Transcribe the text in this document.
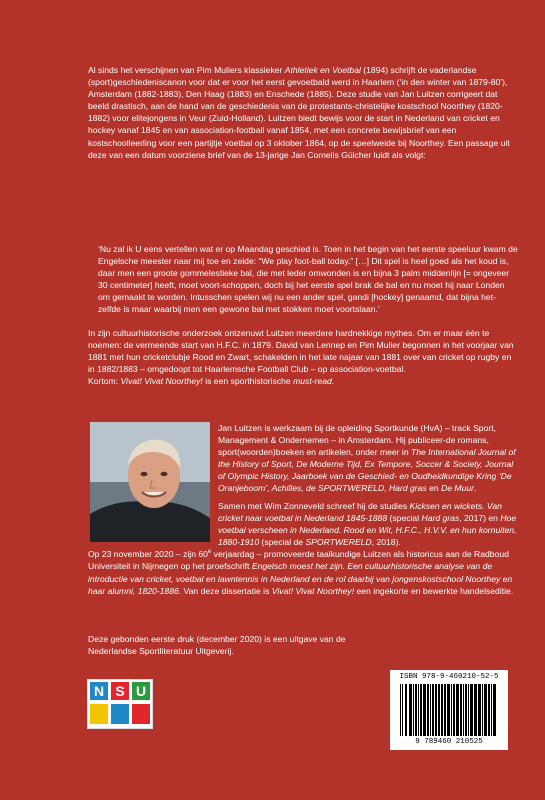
Al sinds het verschijnen van Pim Muliers klassieker Athletiek en Voetbal (1894) schrijft de vaderlandse (sport)geschiedeniscanon voor dat er voor het eerst gevoetbald werd in Haarlem (‘in den winter van 1879-80’), Amsterdam (1882-1883), Den Haag (1883) en Enschede (1885). Deze studie van Jan Luitzen corrigeert dat beeld drastisch, aan de hand van de geschiedenis van de protestants-christelijke kostschool Noorthey (1820-1882) voor elitejongens in Veur (Zuid-Holland). Luitzen biedt bewijs voor de start in Nederland van cricket en hockey vanaf 1845 en van association-football vanaf 1854, met een concrete bewijsbrief van een kostschoolleerling voor een partijtje voetbal op 3 oktober 1864, op de speelweide bij Noorthey. Een passage uit deze van een datum voorziene brief van de 13-jarige Jan Cornelis Gülcher luidt als volgt:

‘Nu zal ik U eens vertellen wat er op Maandag geschied is. Toen in het begin van het eerste speeluur kwam de Engelsche meester naar mij toe en zeide: “We play foot-ball today.” […] Dit spel is heel goed als het koud is, daar men een groote gommelestieke bal, die met leder omwonden is en bijna 3 palm middenlijn [= ongeveer 30 centimeter] heeft, moet voort-schoppen, doch bij het eerste spel brak de bal en nu moet hij naar Londen om gemaakt te worden. Intusschen spelen wij nu een ander spel, gandi [hockey] genaamd, dat bijna het-zelfde is maar waarbij men een gewone bal met stokken moet voortslaan.’

In zijn cultuurhistorische onderzoek ontzenuwt Luitzen meerdere hardnekkige mythes. Om er maar één te noemen: de vermeende start van H.F.C. in 1879. David van Lennep en Pim Mulier begonnen in het voorjaar van 1881 met hun cricketclubje Rood en Zwart, schakelden in het late najaar van 1881 over van cricket op rugby en in 1882/1883 – omgedoopt tot Haarlemsche Football Club – op association-voetbal.
Kortom: Vivat! Vivat Noorthey! is een sporthistorische must-read.

Jan Luitzen is werkzaam bij de opleiding Sportkunde (HvA) – track Sport, Management & Ondernemen – in Amsterdam. Hij publiceer-de romans, sport(woorden)boeken en artikelen, onder meer in The International Journal of the History of Sport, De Moderne Tijd, Ex Tempore, Soccer & Society, Journal of Olympic History, Jaarboek van de Geschied- en Oudheidkundige Kring ‘De Oranjeboom’, Achilles, de SPORTWERELD, Hard gras en De Muur.

Samen met Wim Zonneveld schreef hij de studies Kicksen en wickets. Van cricket naar voetbal in Nederland 1845-1888 (special Hard gras, 2017) en Hoe voetbal verscheen in Nederland. Rood en Wit, H.F.C., H.V.V. en hun kornuiten, 1880-1910 (special de SPORTWERELD, 2018).
Op 23 november 2020 – zijn 60e verjaardag – promoveerde taalkundige Luitzen als historicus aan de Radboud Universiteit in Nijmegen op het proefschrift Engelsch moest het zijn. Een cultuurhistorische analyse van de introductie van cricket, voetbal en lawntennis in Nederland en de rol daarbij van jongenskostschool Noorthey en haar alumni, 1820-1886. Van deze dissertatie is Vivat! Vivat Noorthey! een ingekorte en bewerkte handelseditie.

Deze gebonden eerste druk (december 2020) is een uitgave van de Nederlandse Sportliteratuur Uitgeverij.

N S U
ISBN 978-9-460210-52-5
9 789460 210525
